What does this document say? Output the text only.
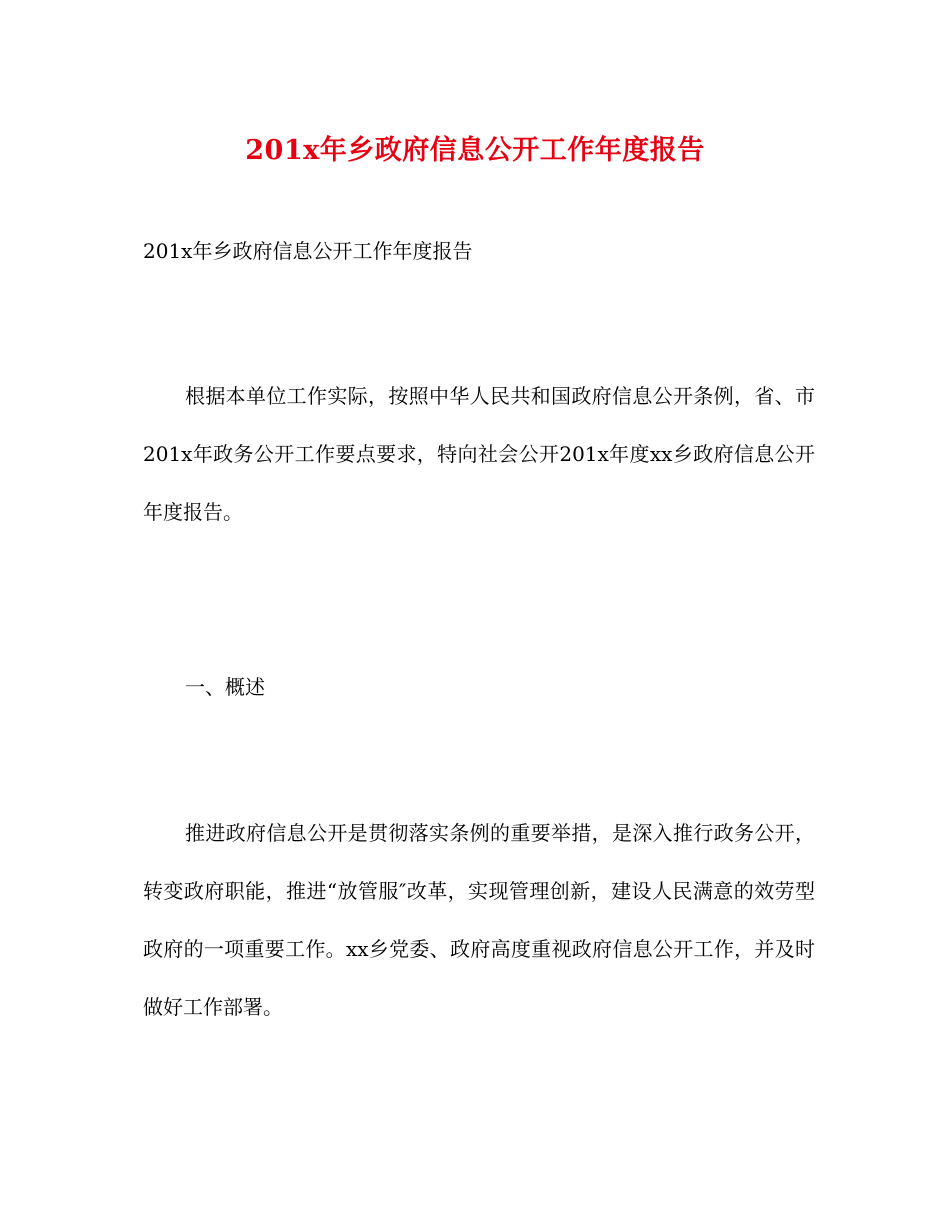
201x年乡政府信息公开工作年度报告

201x年乡政府信息公开工作年度报告

根据本单位工作实际，按照中华人民共和国政府信息公开条例，省、市201x年政务公开工作要点要求，特向社会公开201x年度xx乡政府信息公开年度报告。

一、概述

推进政府信息公开是贯彻落实条例的重要举措，是深入推行政务公开，转变政府职能，推进“放管服″改革，实现管理创新，建设人民满意的效劳型政府的一项重要工作。xx乡党委、政府高度重视政府信息公开工作，并及时做好工作部署。
